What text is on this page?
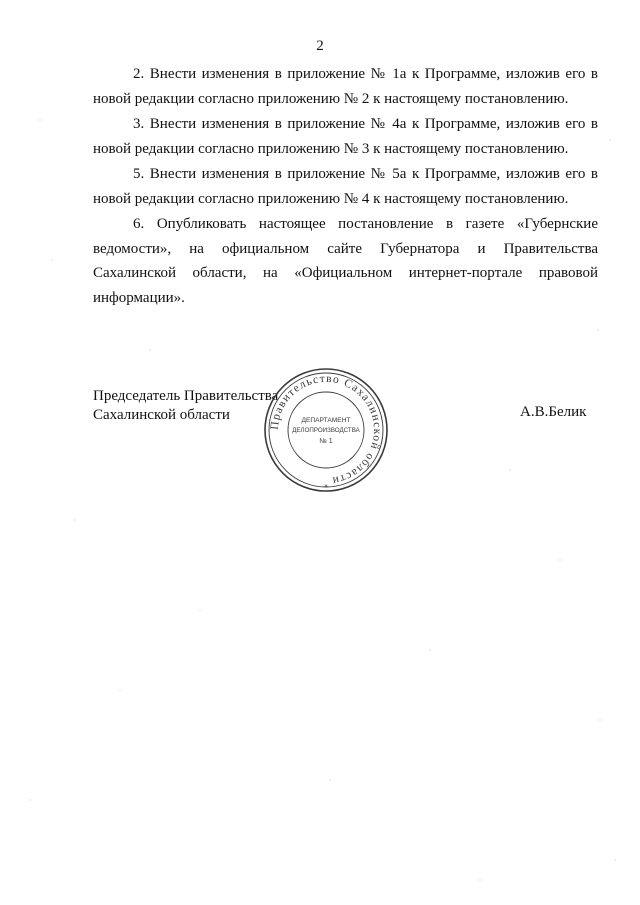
2

2. Внести изменения в приложение № 1а к Программе, изложив его в новой редакции согласно приложению № 2 к настоящему постановлению.

3. Внести изменения в приложение № 4а к Программе, изложив его в новой редакции согласно приложению № 3 к настоящему постановлению.

5. Внести изменения в приложение № 5а к Программе, изложив его в новой редакции согласно приложению № 4 к настоящему постановлению.

6. Опубликовать настоящее постановление в газете «Губернские ведомости», на официальном сайте Губернатора и Правительства Сахалинской области, на «Официальном интернет-портале правовой информации».

Председатель Правительства
Сахалинской области	А.В.Белик
Правительство Сахалинской области
ДЕПАРТАМЕНТ
ДЕЛОПРОИЗВОДСТВА
№ 1
*
